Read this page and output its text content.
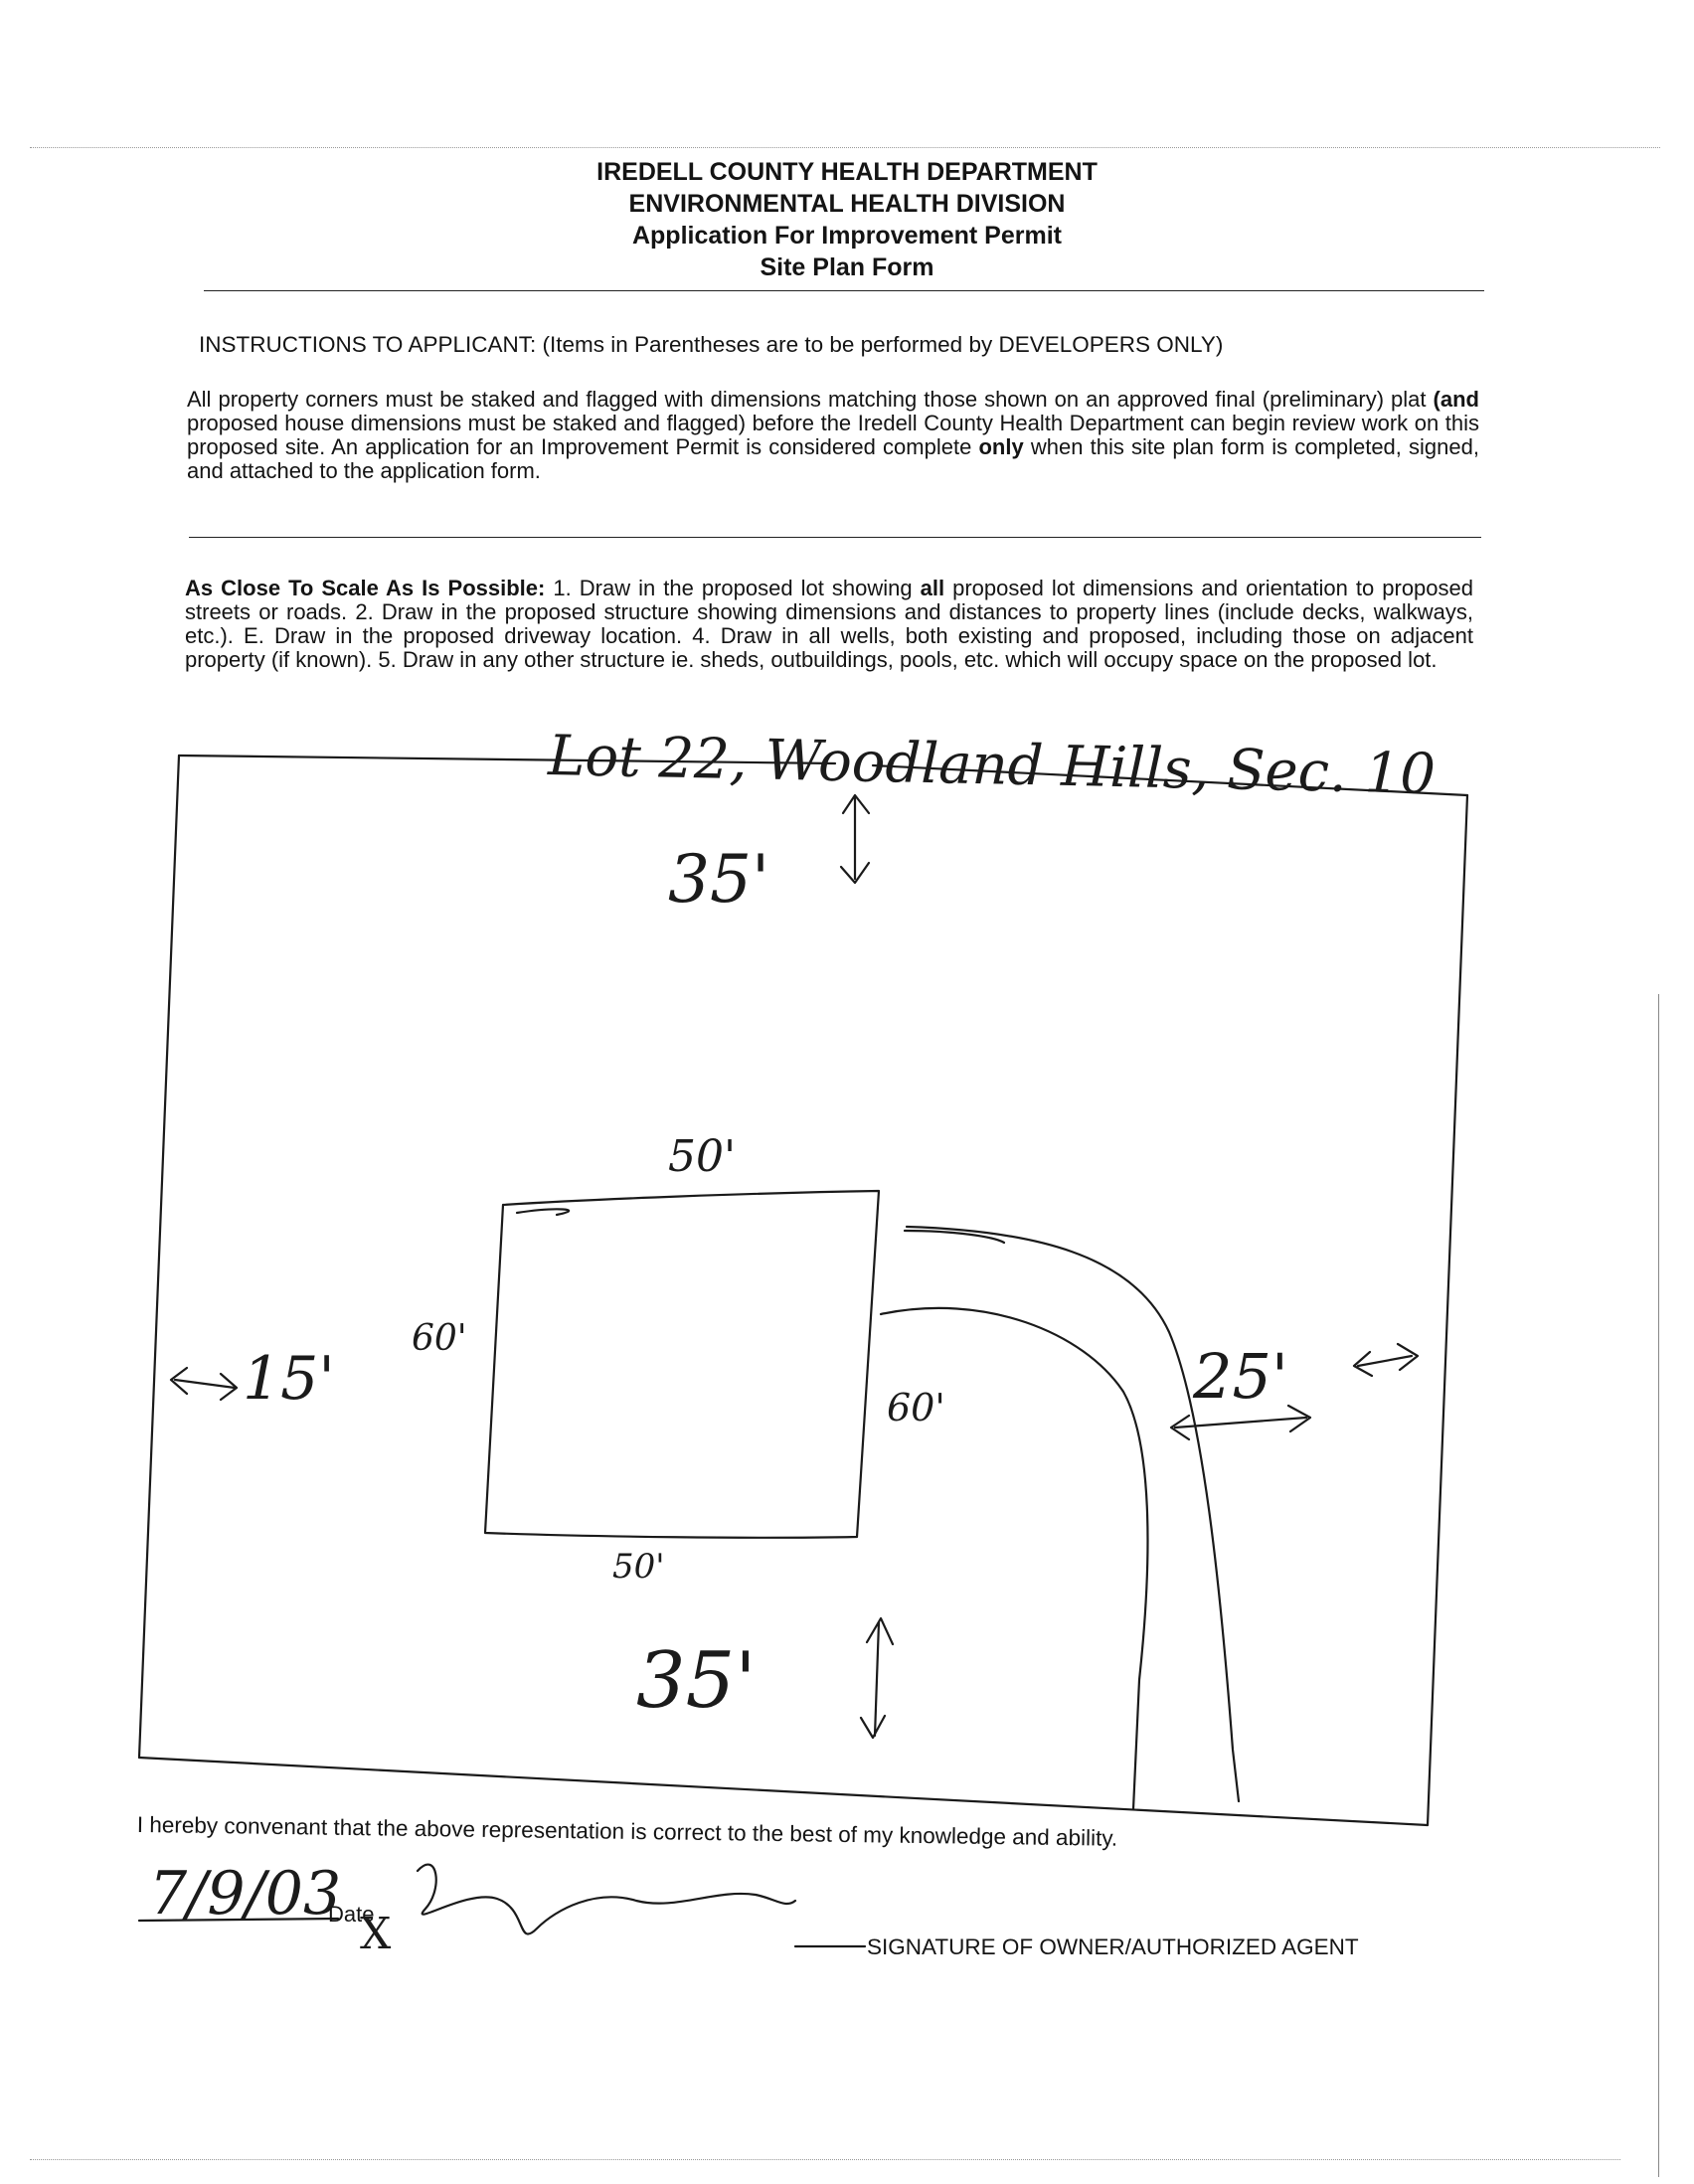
IREDELL COUNTY HEALTH DEPARTMENT
ENVIRONMENTAL HEALTH DIVISION
Application For Improvement Permit
Site Plan Form
INSTRUCTIONS TO APPLICANT: (Items in Parentheses are to be performed by DEVELOPERS ONLY)
All property corners must be staked and flagged with dimensions matching those shown on an approved final (preliminary) plat (and proposed house dimensions must be staked and flagged) before the Iredell County Health Department can begin review work on this proposed site. An application for an Improvement Permit is considered complete only when this site plan form is completed, signed, and attached to the application form.
As Close To Scale As Is Possible: 1. Draw in the proposed lot showing all proposed lot dimensions and orientation to proposed streets or roads. 2. Draw in the proposed structure showing dimensions and distances to property lines (include decks, walkways, etc.). E. Draw in the proposed driveway location. 4. Draw in all wells, both existing and proposed, including those on adjacent property (if known). 5. Draw in any other structure ie. sheds, outbuildings, pools, etc. which will occupy space on the proposed lot.
Lot 22, Woodland Hills, Sec. 10
35'
50'
60'
60'
50'
15'	25'
35'
I hereby convenant that the above representation is correct to the best of my knowledge and ability.
7/9/03
Date
X	SIGNATURE OF OWNER/AUTHORIZED AGENT
